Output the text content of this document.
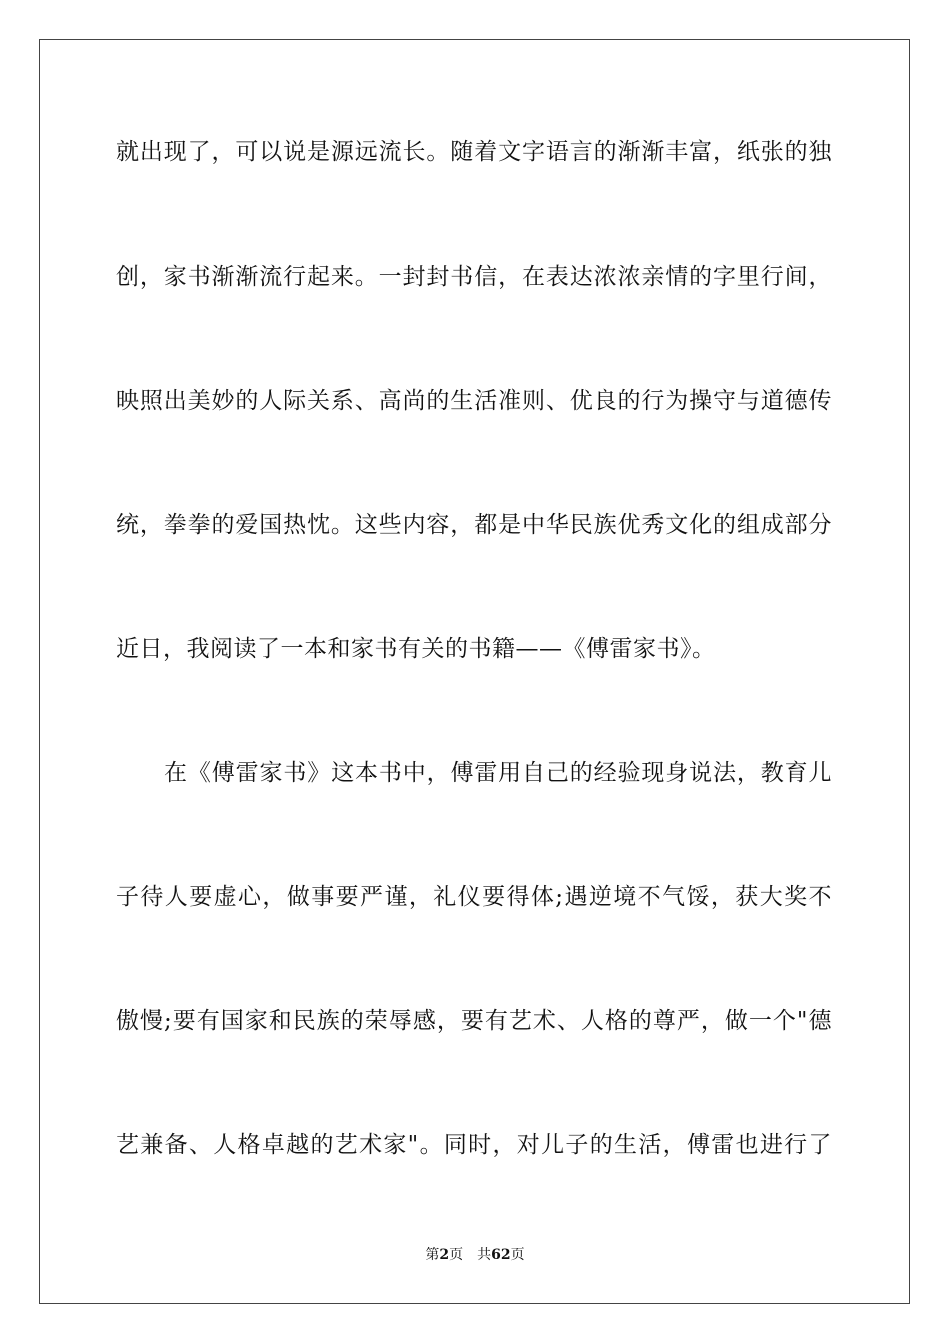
就出现了，可以说是源远流长。随着文字语言的渐渐丰富，纸张的独
创，家书渐渐流行起来。一封封书信，在表达浓浓亲情的字里行间，
映照出美妙的人际关系、高尚的生活准则、优良的行为操守与道德传
统，拳拳的爱国热忱。这些内容，都是中华民族优秀文化的组成部分
近日，我阅读了一本和家书有关的书籍——《傅雷家书》。
在《傅雷家书》这本书中，傅雷用自己的经验现身说法，教育儿
子待人要虚心，做事要严谨，礼仪要得体;遇逆境不气馁，获大奖不
傲慢;要有国家和民族的荣辱感，要有艺术、人格的尊严，做一个"德
艺兼备、人格卓越的艺术家"。同时，对儿子的生活，傅雷也进行了
第2页 共62页
